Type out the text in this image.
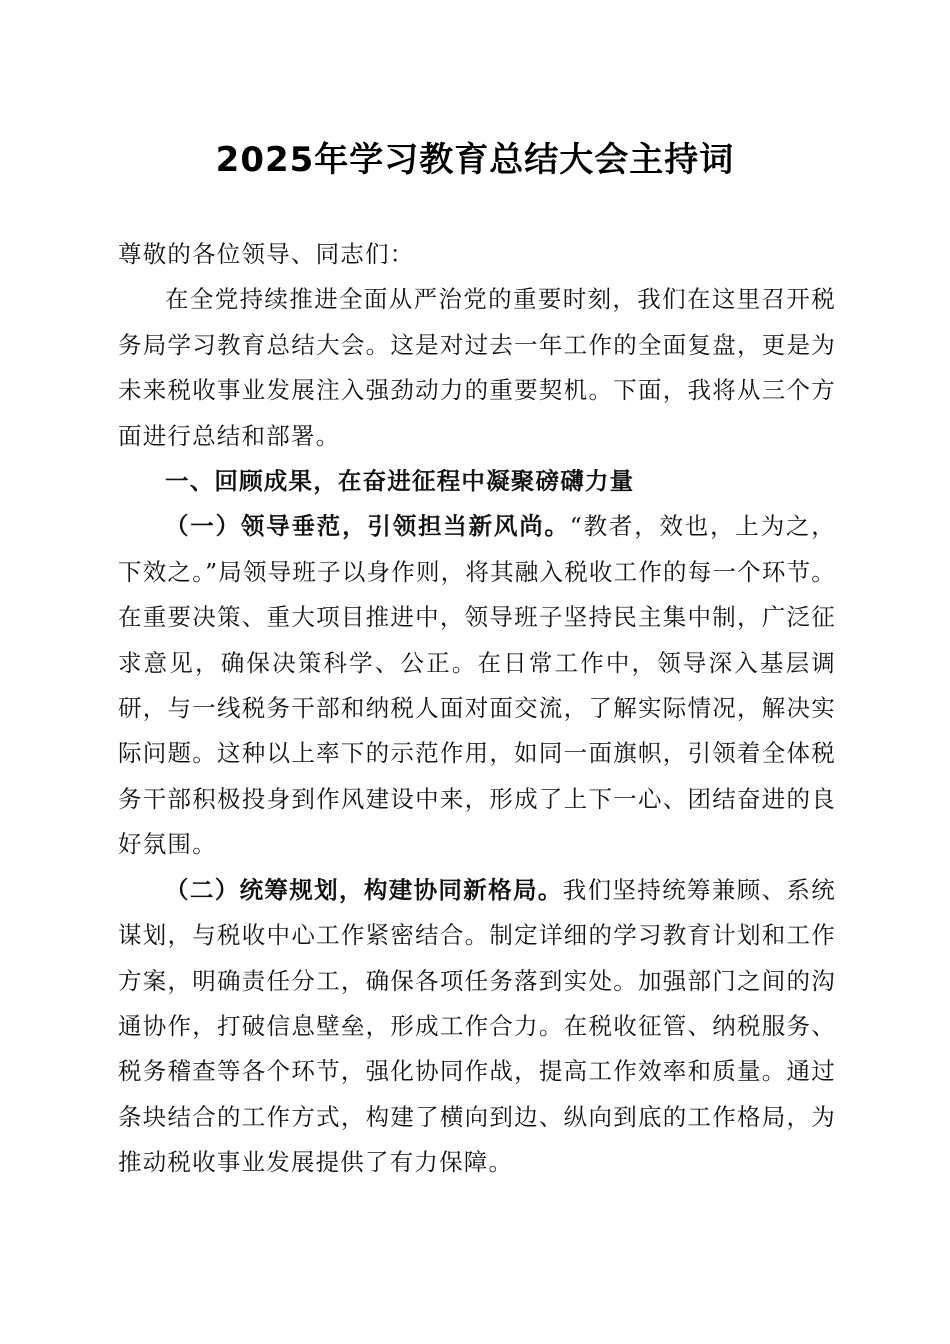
2025年学习教育总结大会主持词

尊敬的各位领导、同志们：

在全党持续推进全面从严治党的重要时刻，我们在这里召开税务局学习教育总结大会。这是对过去一年工作的全面复盘，更是为未来税收事业发展注入强劲动力的重要契机。下面，我将从三个方面进行总结和部署。

一、回顾成果，在奋进征程中凝聚磅礴力量

（一）领导垂范，引领担当新风尚。“教者，效也，上为之，下效之。”局领导班子以身作则，将其融入税收工作的每一个环节。在重要决策、重大项目推进中，领导班子坚持民主集中制，广泛征求意见，确保决策科学、公正。在日常工作中，领导深入基层调研，与一线税务干部和纳税人面对面交流，了解实际情况，解决实际问题。这种以上率下的示范作用，如同一面旗帜，引领着全体税务干部积极投身到作风建设中来，形成了上下一心、团结奋进的良好氛围。

（二）统筹规划，构建协同新格局。我们坚持统筹兼顾、系统谋划，与税收中心工作紧密结合。制定详细的学习教育计划和工作方案，明确责任分工，确保各项任务落到实处。加强部门之间的沟通协作，打破信息壁垒，形成工作合力。在税收征管、纳税服务、税务稽查等各个环节，强化协同作战，提高工作效率和质量。通过条块结合的工作方式，构建了横向到边、纵向到底的工作格局，为推动税收事业发展提供了有力保障。
